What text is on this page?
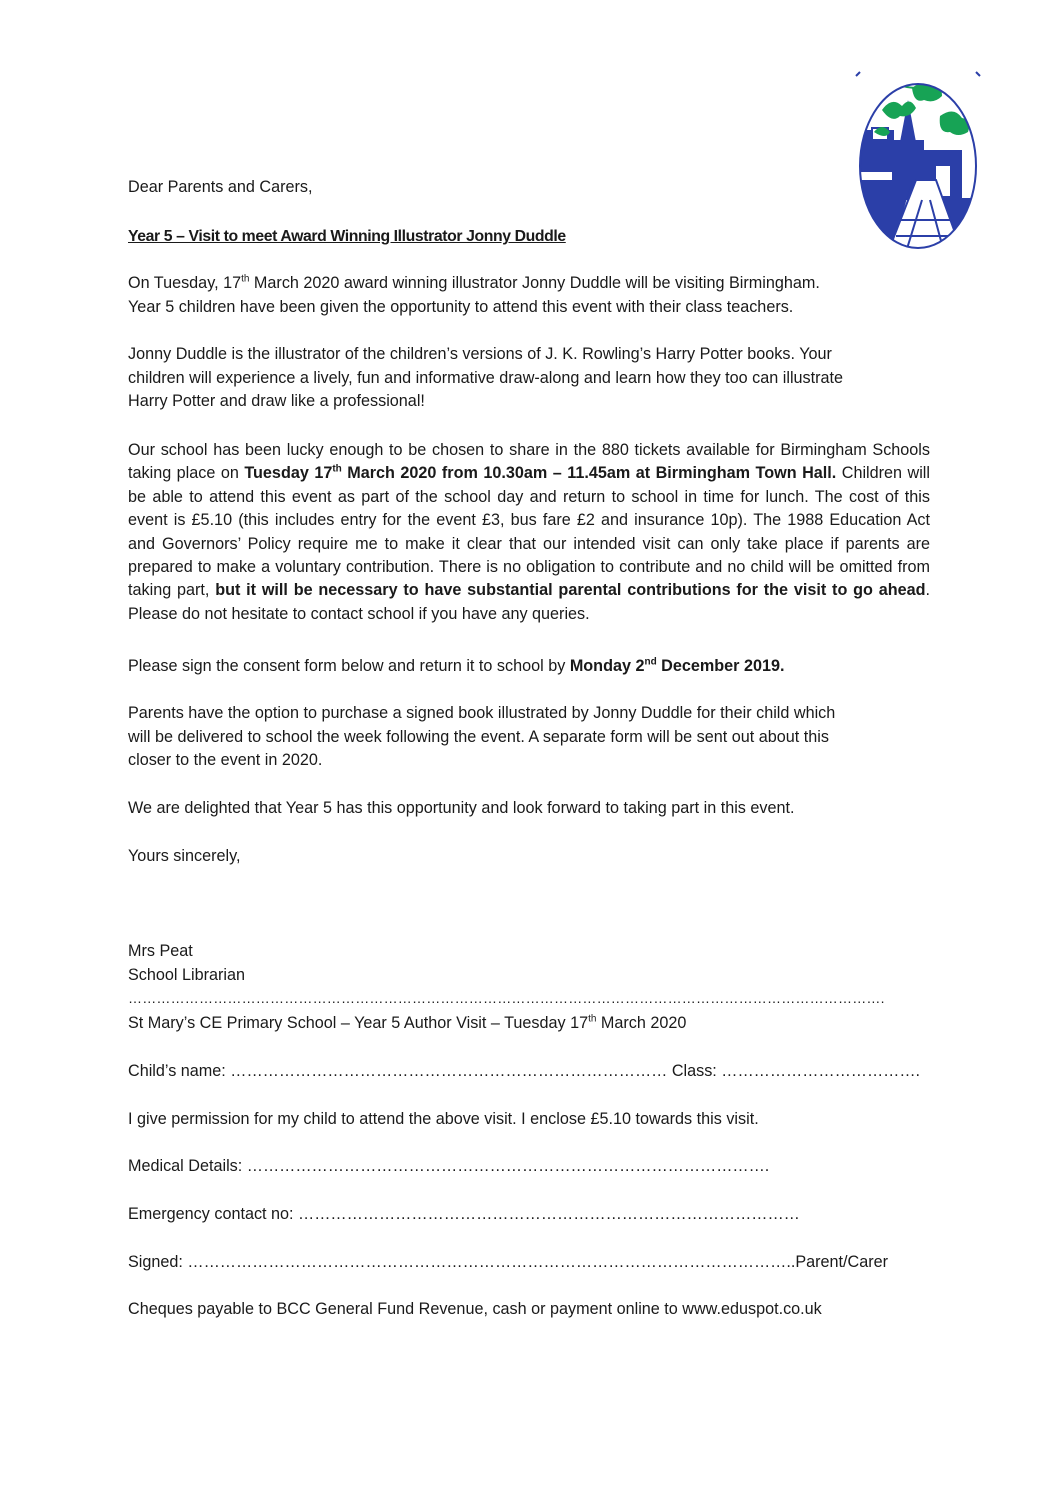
Dear Parents and Carers,
Year 5 – Visit to meet Award Winning Illustrator Jonny Duddle
On Tuesday, 17th March 2020 award winning illustrator Jonny Duddle will be visiting Birmingham.
Year 5 children have been given the opportunity to attend this event with their class teachers.
Jonny Duddle is the illustrator of the children’s versions of J. K. Rowling’s Harry Potter books. Your
children will experience a lively, fun and informative draw-along and learn how they too can illustrate
Harry Potter and draw like a professional!
Our school has been lucky enough to be chosen to share in the 880 tickets available for Birmingham Schools taking place on Tuesday 17th March 2020 from 10.30am – 11.45am at Birmingham Town Hall. Children will be able to attend this event as part of the school day and return to school in time for lunch. The cost of this event is £5.10 (this includes entry for the event £3, bus fare £2 and insurance 10p). The 1988 Education Act and Governors’ Policy require me to make it clear that our intended visit can only take place if parents are prepared to make a voluntary contribution. There is no obligation to contribute and no child will be omitted from taking part, but it will be necessary to have substantial parental contributions for the visit to go ahead. Please do not hesitate to contact school if you have any queries.
Please sign the consent form below and return it to school by Monday 2nd December 2019.
Parents have the option to purchase a signed book illustrated by Jonny Duddle for their child which
will be delivered to school the week following the event. A separate form will be sent out about this
closer to the event in 2020.
We are delighted that Year 5 has this opportunity and look forward to taking part in this event.
Yours sincerely,
Mrs Peat
School Librarian
…………………………………………………………………………………………………………………………………………….
St Mary’s CE Primary School – Year 5 Author Visit – Tuesday 17th March 2020
Child’s name: ……………………………………………………………………… Class: ……………………………….
I give permission for my child to attend the above visit. I enclose £5.10 towards this visit.
Medical Details: …………………………………………………………………………………….
Emergency contact no: …………………………………………………………………………………
Signed: …………………………………………………………………………………………………..Parent/Carer
Cheques payable to BCC General Fund Revenue, cash or payment online to www.eduspot.co.uk
